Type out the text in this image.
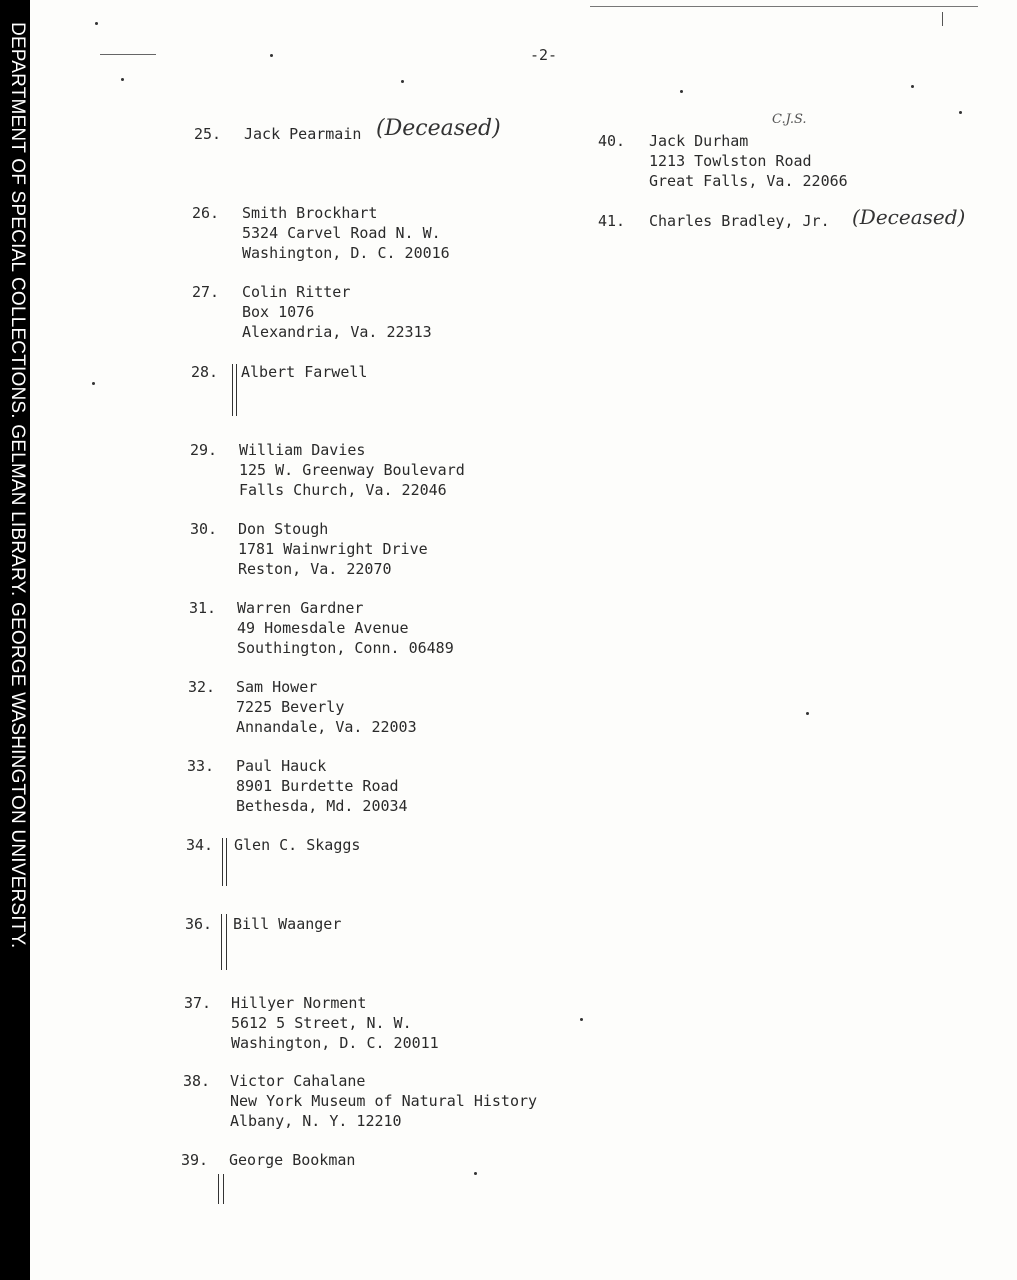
DEPARTMENT OF SPECIAL COLLECTIONS. GELMAN LIBRARY. GEORGE WASHINGTON UNIVERSITY.	-2-
25. Jack Pearmain (Deceased)
26. Smith Brockhart
5324 Carvel Road N. W.
Washington, D. C. 20016
27. Colin Ritter
Box 1076
Alexandria, Va. 22313
28. Albert Farwell
29. William Davies
125 W. Greenway Boulevard
Falls Church, Va. 22046
30. Don Stough
1781 Wainwright Drive
Reston, Va. 22070
31. Warren Gardner
49 Homesdale Avenue
Southington, Conn. 06489
32. Sam Hower
7225 Beverly
Annandale, Va. 22003
33. Paul Hauck
8901 Burdette Road
Bethesda, Md. 20034
34. Glen C. Skaggs
36. Bill Waanger
37. Hillyer Norment
5612 5 Street, N. W.
Washington, D. C. 20011
38. Victor Cahalane
New York Museum of Natural History
Albany, N. Y. 12210
39. George Bookman
40. Jack Durham
1213 Towlston Road
Great Falls, Va. 22066
C.J.S.
41. Charles Bradley, Jr. (Deceased)
